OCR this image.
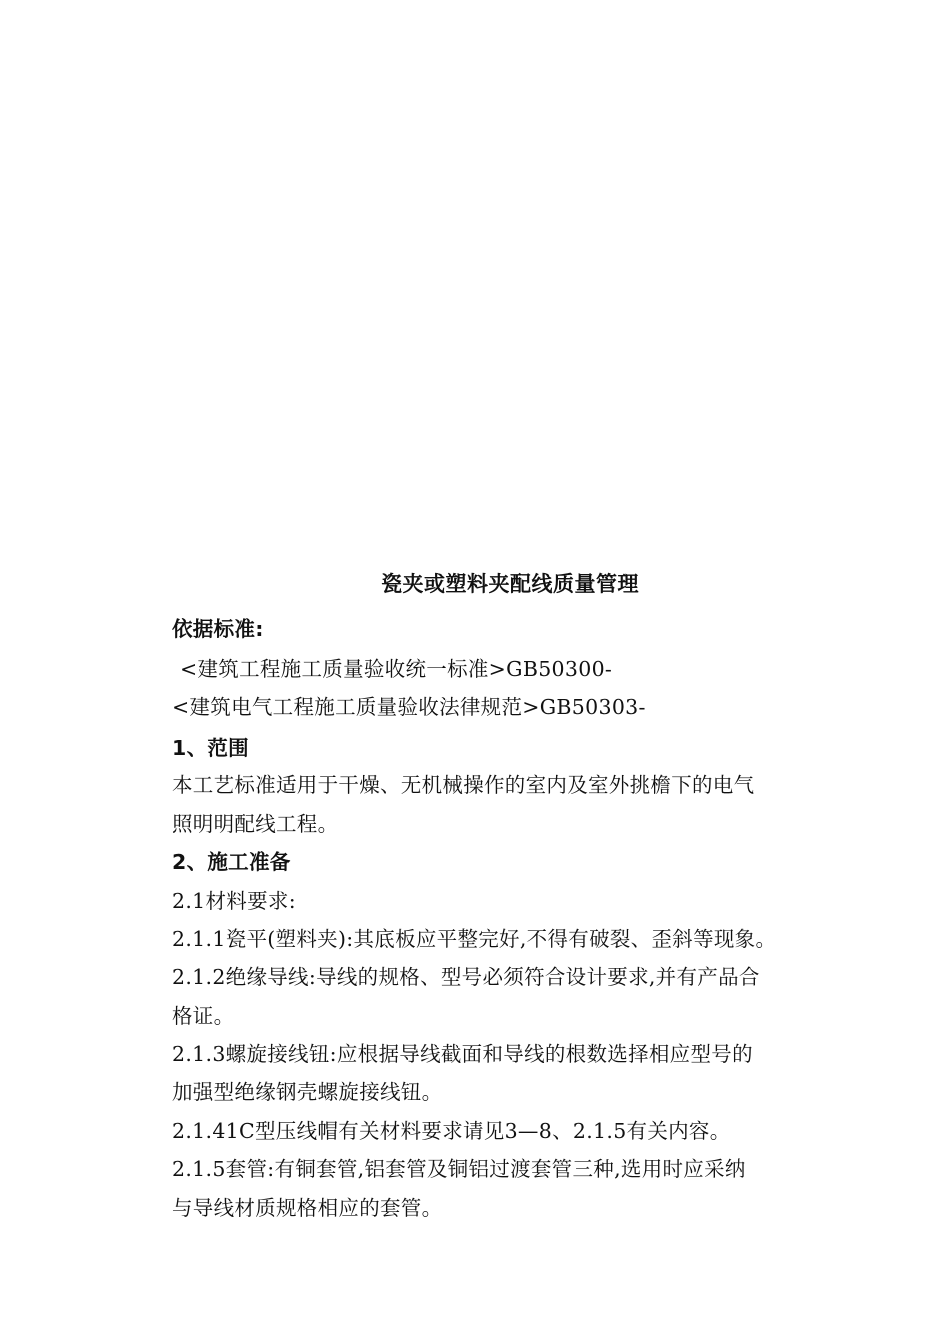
瓷夹或塑料夹配线质量管理
依据标准:
<建筑工程施工质量验收统一标准>GB50300-
<建筑电气工程施工质量验收法律规范>GB50303-
1、范围
本工艺标准适用于干燥、无机械操作的室内及室外挑檐下的电气
照明明配线工程。
2、施工准备
2.1材料要求:
2.1.1瓷平(塑料夹):其底板应平整完好,不得有破裂、歪斜等现象。
2.1.2绝缘导线:导线的规格、型号必须符合设计要求,并有产品合
格证。
2.1.3螺旋接线钮:应根据导线截面和导线的根数选择相应型号的
加强型绝缘钢壳螺旋接线钮。
2.1.41C型压线帽有关材料要求请见3—8、2.1.5有关内容。
2.1.5套管:有铜套管,铝套管及铜铝过渡套管三种,选用时应采纳
与导线材质规格相应的套管。
